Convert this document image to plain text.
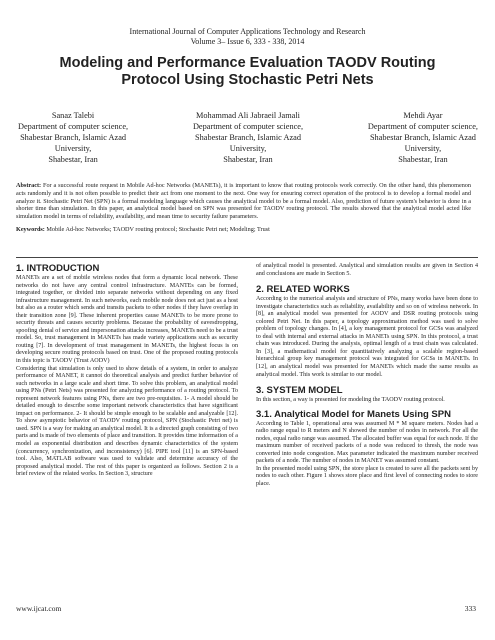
International Journal of Computer Applications Technology and Research
Volume 3– Issue 6, 333 - 338, 2014
Modeling and Performance Evaluation TAODV Routing
Protocol Using Stochastic Petri Nets
Sanaz Talebi
Department of computer science,
Shabestar Branch, Islamic Azad
University,
Shabestar, Iran
Mohammad Ali Jabraeil Jamali
Department of computer science,
Shabestar Branch, Islamic Azad
University,
Shabestar, Iran
Mehdi Ayar
Department of computer science,
Shabestar Branch, Islamic Azad
University,
Shabestar, Iran

Abstract: For a successful route request in Mobile Ad-hoc Networks (MANETs), it is important to know that routing protocols work correctly. On the other hand, this phenomenon acts randomly and it is not often possible to predict their act from one moment to the next. One way for ensuring correct operation of the protocol is to develop a formal model and analyze it. Stochastic Petri Net (SPN) is a formal modeling language which causes the analytical model to be a formal model. Also, prediction of future system's behavior is done in a shorter time than simulation. In this paper, an analytical model based on SPN was presented for TAODV routing protocol. The results showed that the analytical model acted like simulation model in terms of reliability, availability, and mean time to security failure parameters.

Keywords: Mobile Ad-hoc Networks; TAODV routing protocol; Stochastic Petri net; Modeling; Trust

1. INTRODUCTION

MANETs are a set of mobile wireless nodes that form a dynamic local network. These networks do not have any central control infrastructure. MANTEs can be formed, integrated together, or divided into separate networks without depending on any fixed infrastructure management. In such networks, each mobile node does not act just as a host but also as a router which sends and transits packets to other nodes if they have overlap in their transition zone [9]. These inherent properties cause MANETs to be more prone to security threats and causes security problems. Because the probability of eavesdropping, spoofing denial of service and impersonation attacks increases, MANETs need to be a trust model. So, trust management in MANETs has made variety applications such as security routing [7]. In development of trust management in MANETs, the highest focus is on developing secure routing protocols based on trust. One of the proposed routing protocols in this topic is TAODV (Trust AODV)

Considering that simulation is only used to show details of a system, in order to analyze performance of MANET, it cannot do theoretical analysis and predict further behavior of such networks in a large scale and short time. To solve this problem, an analytical model using PNs (Petri Nets) was presented for analyzing performance of a routing protocol. To represent network features using PNs, there are two pre-requisites. 1- A model should be detailed enough to describe some important network characteristics that have significant impact on performance. 2- It should be simple enough to be scalable and analyzable [12]. To show asymptotic behavior of TAODV routing protocol, SPN (Stochastic Petri net) is used. SPN is a way for making an analytical model. It is a directed graph consisting of two parts and is made of two elements of place and transition. It provides time information of a model as exponential distribution and describes dynamic characteristics of the system (concurrency, synchronization, and inconsistency) [6]. PIPE tool [11] is an SPN-based tool. Also, MATLAB software was used to validate and determine accuracy of the proposed analytical model. The rest of this paper is organized as follows. Section 2 is a brief review of the related works. In Section 3, structure

of analytical model is presented. Analytical and simulation results are given in Section 4 and conclusions are made in Section 5.

2. RELATED WORKS

According to the numerical analysis and structure of PNs, many works have been done to investigate characteristics such as reliability, availability and so on of wireless network. In [8], an analytical model was presented for AODV and DSR routing protocols using colored Petri Net. In this paper, a topology approximation method was used to solve problem of topology changes. In [4], a key management protocol for GCSs was analyzed to deal with internal and external attacks in MANETs using SPN. In this protocol, a trust chain was introduced. During the analysis, optimal length of a trust chain was calculated. In [3], a mathematical model for quantitatively analyzing a scalable region-based hierarchical group key management protocol was integrated for GCSs in MANETs. In [12], an analytical model was presented for MANETs which made the same results as analytical model. This work is similar to our model.

3. SYSTEM MODEL

In this section, a way is presented for modeling the TAODV routing protocol.

3.1. Analytical Model for Manets Using SPN

According to Table 1, operational area was assumed M * M square meters. Nodes had a radio range equal to R meters and N showed the number of nodes in network. For all the nodes, equal radio range was assumed. The allocated buffer was equal for each node. If the maximum number of received packets of a node was reduced to thresh, the node was converted into node congestion. Max parameter indicated the maximum number received packets of a node. The number of nodes in MANET was assumed constant.

In the presented model using SPN, the store place is created to save all the packets sent by nodes to each other. Figure 1 shows store place and first level of connecting nodes to store place.

www.ijcat.com	333
